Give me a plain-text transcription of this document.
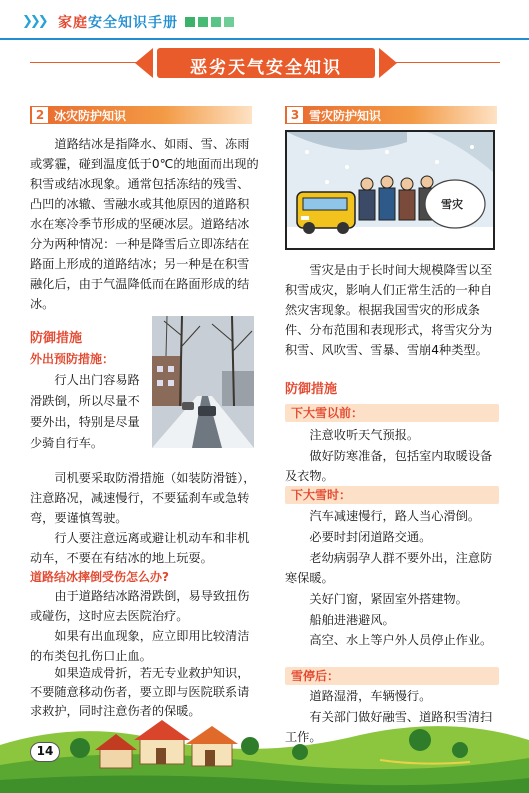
❯❯❯ 家庭安全知识手册
恶劣天气安全知识
2 冰灾防护知识

道路结冰是指降水、如雨、雪、冻雨或雾霾，碰到温度低于0℃的地面而出现的积雪或结冰现象。通常包括冻结的残雪、凸凹的冰辙、雪融水或其他原因的道路积水在寒冷季节形成的坚硬冰层。道路结冰分为两种情况：一种是降雪后立即冻结在路面上形成的道路结冰；另一种是在积雪融化后，由于气温降低而在路面形成的结冰。

防御措施
外出预防措施：

行人出门容易路滑跌倒，所以尽量不要外出，特别是尽量少骑自行车。

司机要采取防滑措施（如装防滑链），注意路况，减速慢行，不要猛刹车或急转弯，要谨慎驾驶。

行人要注意远离或避让机动车和非机动车，不要在有结冰的地上玩耍。

道路结冰摔倒受伤怎么办?

由于道路结冰路滑跌倒，易导致扭伤或碰伤，这时应去医院治疗。

如果有出血现象，应立即用比较清洁的布类包扎伤口止血。

如果造成骨折，若无专业救护知识，不要随意移动伤者，要立即与医院联系请求救护，同时注意伤者的保暖。

3 雪灾防护知识
雪灾

雪灾是由于长时间大规模降雪以至积雪成灾，影响人们正常生活的一种自然灾害现象。根据我国雪灾的形成条件、分布范围和表现形式，将雪灾分为积雪、风吹雪、雪暴、雪崩4种类型。

防御措施
下大雪以前：

注意收听天气预报。

做好防寒准备，包括室内取暖设备及衣物。

下大雪时：

汽车减速慢行，路人当心滑倒。

必要时封闭道路交通。

老幼病弱孕人群不要外出，注意防寒保暖。

关好门窗，紧固室外搭建物。

船舶进港避风。

高空、水上等户外人员停止作业。

雪停后：

道路湿滑，车辆慢行。

有关部门做好融雪、道路积雪清扫工作。

14
